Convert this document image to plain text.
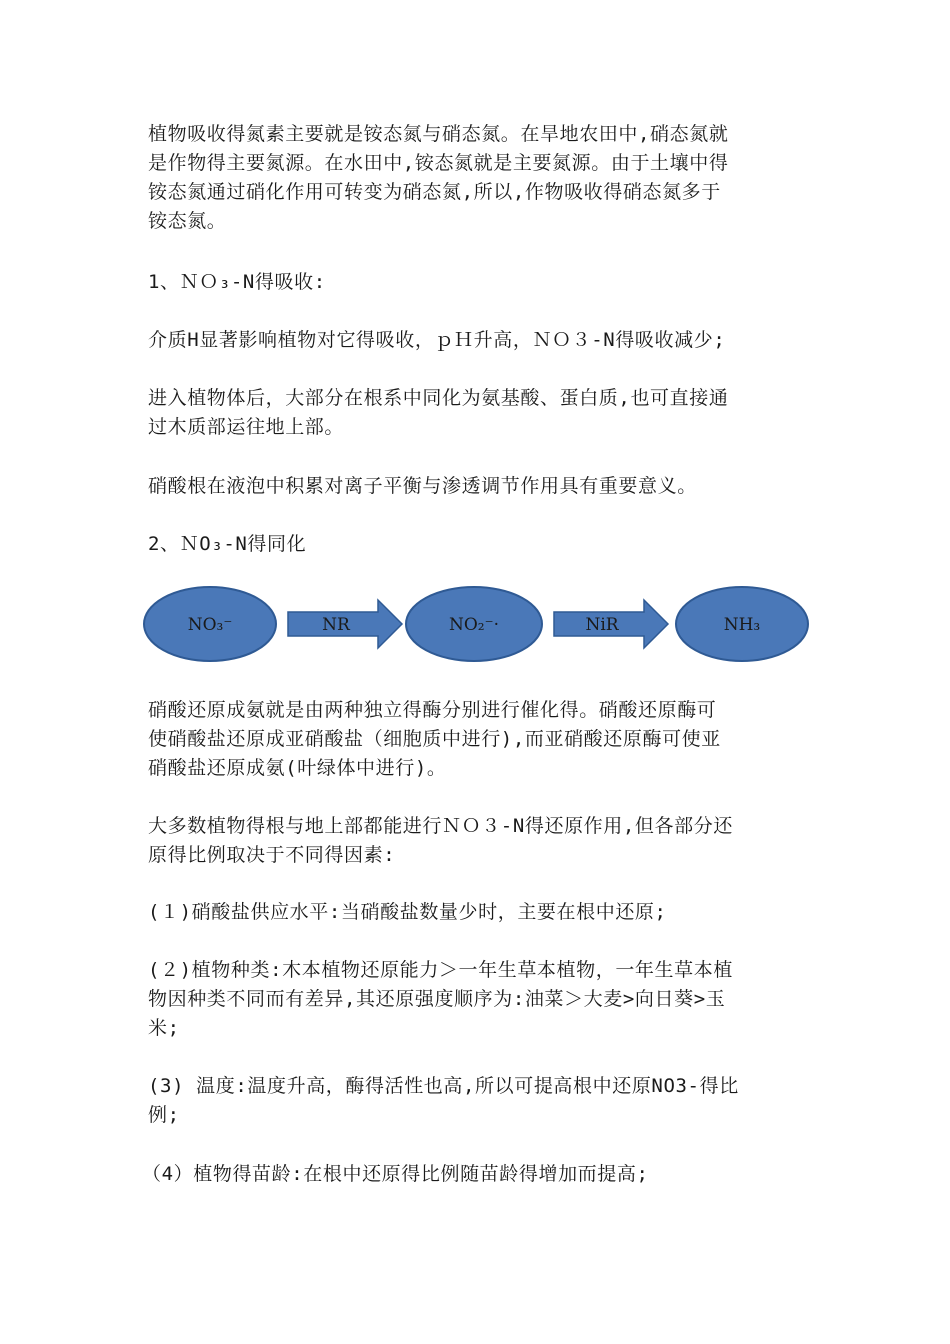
植物吸收得氮素主要就是铵态氮与硝态氮。在旱地农田中,硝态氮就
是作物得主要氮源。在水田中,铵态氮就是主要氮源。由于土壤中得
铵态氮通过硝化作用可转变为硝态氮,所以,作物吸收得硝态氮多于
铵态氮。

1、ＮＯ₃-N得吸收:

介质H显著影响植物对它得吸收，ｐＨ升高，ＮＯ３-N得吸收减少;

进入植物体后，大部分在根系中同化为氨基酸、蛋白质,也可直接通
过木质部运往地上部。

硝酸根在液泡中积累对离子平衡与渗透调节作用具有重要意义。

2、ＮO₃-N得同化

NO₃⁻	NR	NO₂⁻·	NiR	NH₃

硝酸还原成氨就是由两种独立得酶分别进行催化得。硝酸还原酶可
使硝酸盐还原成亚硝酸盐（细胞质中进行),而亚硝酸还原酶可使亚
硝酸盐还原成氨(叶绿体中进行)。

大多数植物得根与地上部都能进行ＮＯ３-N得还原作用,但各部分还
原得比例取决于不同得因素:

(１)硝酸盐供应水平:当硝酸盐数量少时，主要在根中还原;

(２)植物种类:木本植物还原能力＞一年生草本植物，一年生草本植
物因种类不同而有差异,其还原强度顺序为:油菜＞大麦>向日葵>玉
米;

(3) 温度:温度升高，酶得活性也高,所以可提高根中还原NO3-得比
例;

（4）植物得苗龄:在根中还原得比例随苗龄得增加而提高;
